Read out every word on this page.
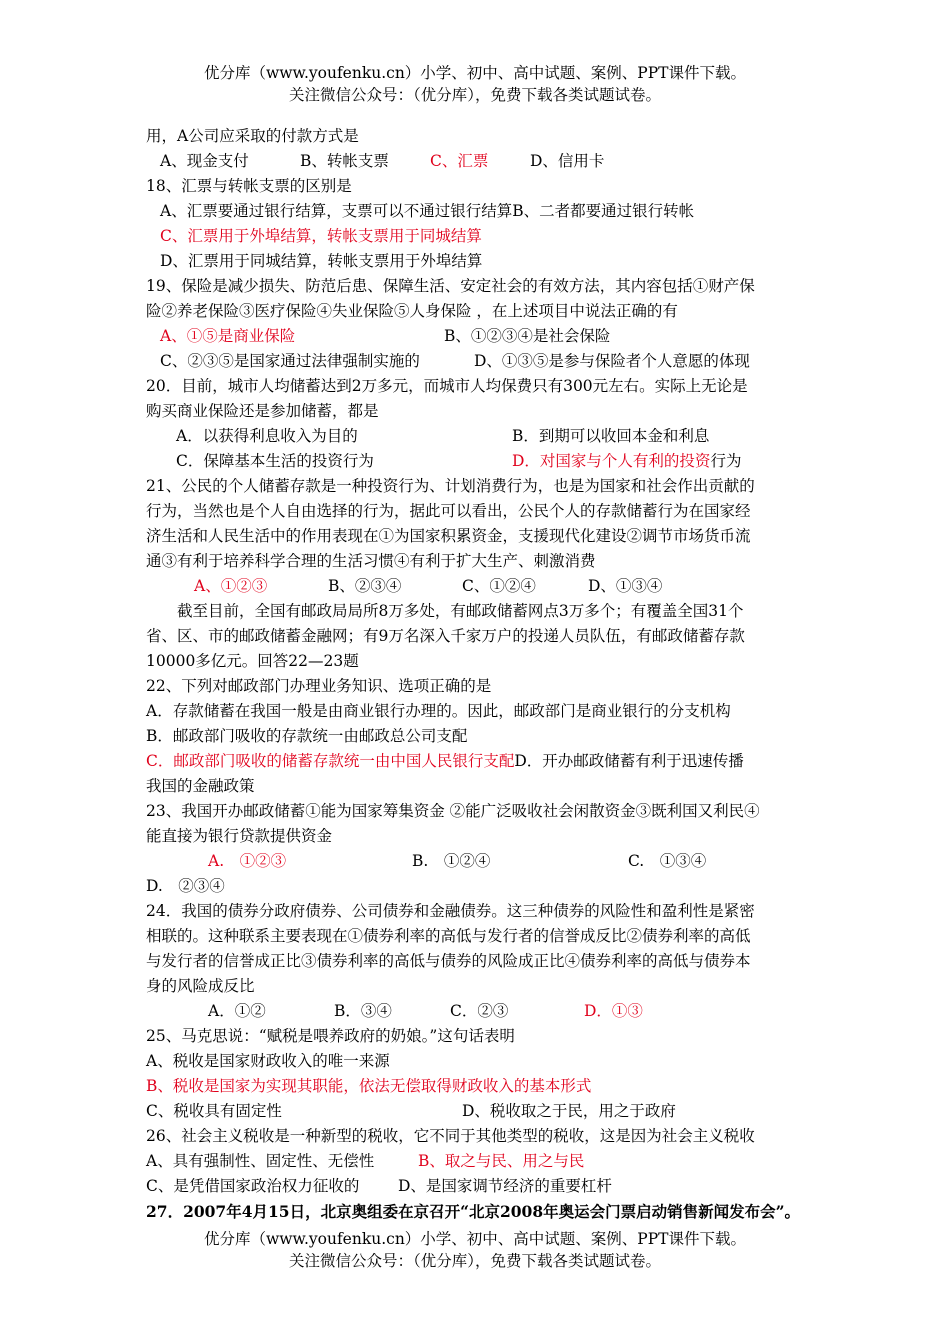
优分库（www.youfenku.cn）小学、初中、高中试题、案例、PPT课件下载。
关注微信公众号：（优分库），免费下载各类试题试卷。
用，A公司应采取的付款方式是
A、现金支付	B、转帐支票	C、汇票	D、信用卡
18、汇票与转帐支票的区别是
A、汇票要通过银行结算，支票可以不通过银行结算B、二者都要通过银行转帐
C、汇票用于外埠结算，转帐支票用于同城结算
D、汇票用于同城结算，转帐支票用于外埠结算
19、保险是减少损失、防范后患、保障生活、安定社会的有效方法，其内容包括①财产保
险②养老保险③医疗保险④失业保险⑤人身保险 ，在上述项目中说法正确的有
A、①⑤是商业保险	B、①②③④是社会保险
C、②③⑤是国家通过法律强制实施的	D、①③⑤是参与保险者个人意愿的体现
20．目前，城市人均储蓄达到2万多元，而城市人均保费只有300元左右。实际上无论是
购买商业保险还是参加储蓄，都是
A．以获得利息收入为目的	B．到期可以收回本金和利息
C．保障基本生活的投资行为	D．对国家与个人有利的投资行为
21、公民的个人储蓄存款是一种投资行为、计划消费行为，也是为国家和社会作出贡献的
行为，当然也是个人自由选择的行为，据此可以看出，公民个人的存款储蓄行为在国家经
济生活和人民生活中的作用表现在①为国家积累资金，支援现代化建设②调节市场货币流
通③有利于培养科学合理的生活习惯④有利于扩大生产、刺激消费
A、①②③	B、②③④	C、①②④	D、①③④
截至目前，全国有邮政局局所8万多处，有邮政储蓄网点3万多个；有覆盖全国31个
省、区、市的邮政储蓄金融网；有9万名深入千家万户的投递人员队伍，有邮政储蓄存款
10000多亿元。回答22—23题
22、下列对邮政部门办理业务知识、选项正确的是
A．存款储蓄在我国一般是由商业银行办理的。因此，邮政部门是商业银行的分支机构
B．邮政部门吸收的存款统一由邮政总公司支配
C．邮政部门吸收的储蓄存款统一由中国人民银行支配D．开办邮政储蓄有利于迅速传播
我国的金融政策
23、我国开办邮政储蓄①能为国家筹集资金 ②能广泛吸收社会闲散资金③既利国又利民④
能直接为银行贷款提供资金
A.　①②③	B.　①②④	C.　①③④
D.　②③④
24．我国的债券分政府债券、公司债券和金融债券。这三种债券的风险性和盈利性是紧密
相联的。这种联系主要表现在①债券利率的高低与发行者的信誉成反比②债券利率的高低
与发行者的信誉成正比③债券利率的高低与债券的风险成正比④债券利率的高低与债券本
身的风险成反比
A．①②	B．③④	C．②③	D．①③
25、马克思说：“赋税是喂养政府的奶娘。”这句话表明
A、税收是国家财政收入的唯一来源
B、税收是国家为实现其职能，依法无偿取得财政收入的基本形式
C、税收具有固定性	D、税收取之于民，用之于政府
26、社会主义税收是一种新型的税收，它不同于其他类型的税收，这是因为社会主义税收
A、具有强制性、固定性、无偿性	B、取之与民、用之与民
C、是凭借国家政治权力征收的 D、是国家调节经济的重要杠杆
27．2007年4月15日，北京奥组委在京召开“北京2008年奥运会门票启动销售新闻发布会”。
优分库（www.youfenku.cn）小学、初中、高中试题、案例、PPT课件下载。
关注微信公众号：（优分库），免费下载各类试题试卷。
